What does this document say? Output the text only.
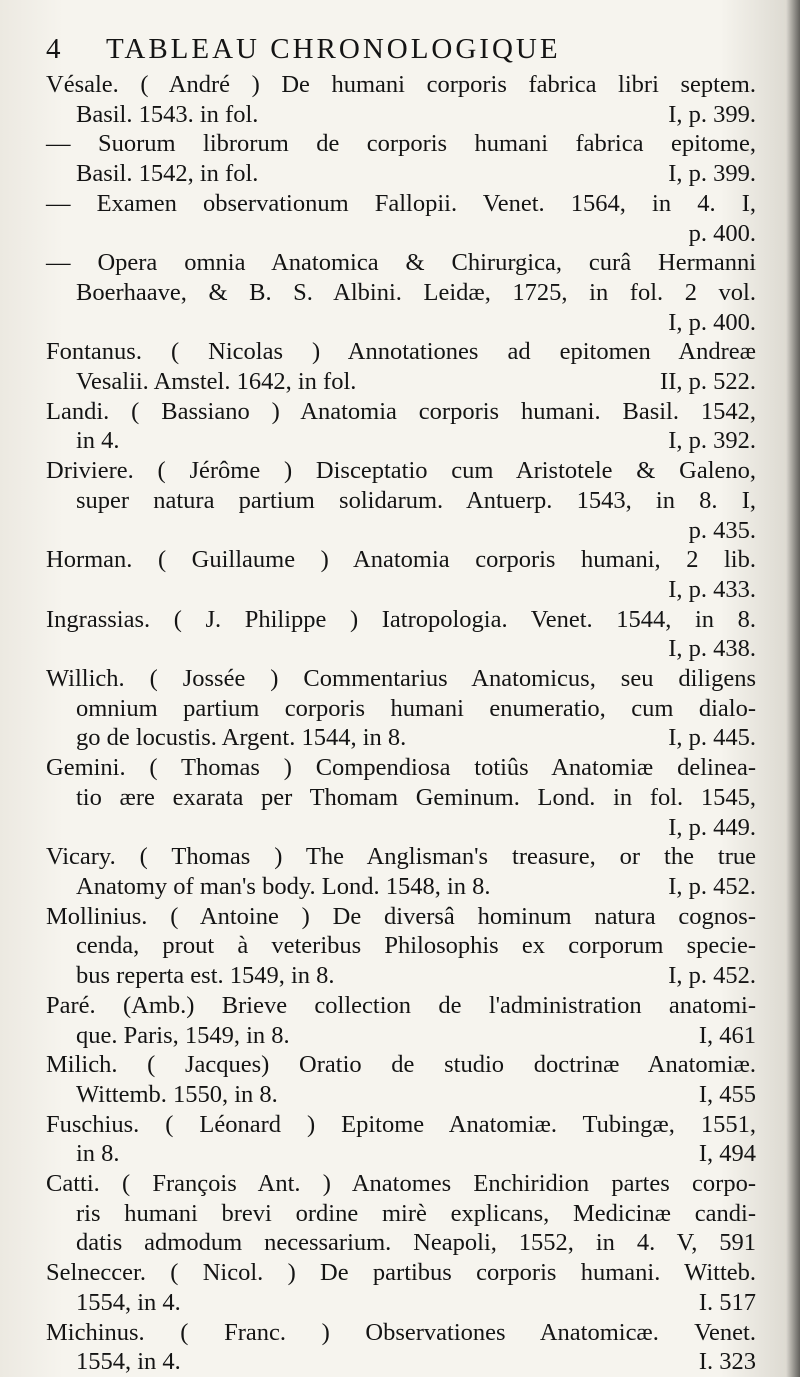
4	TABLEAU CHRONOLOGIQUE
Vésale. ( André ) De humani corporis fabrica libri septem.
Basil. 1543. in fol.	I, p. 399.
— Suorum librorum de corporis humani fabrica epitome,
Basil. 1542, in fol.	I, p. 399.
— Examen observationum Fallopii. Venet. 1564, in 4. I,
p. 400.
— Opera omnia Anatomica & Chirurgica, curâ Hermanni
Boerhaave, & B. S. Albini. Leidæ, 1725, in fol. 2 vol.
I, p. 400.
Fontanus. ( Nicolas ) Annotationes ad epitomen Andreæ
Vesalii. Amstel. 1642, in fol.	II, p. 522.
Landi. ( Bassiano ) Anatomia corporis humani. Basil. 1542,
in 4.	I, p. 392.
Driviere. ( Jérôme ) Disceptatio cum Aristotele & Galeno,
super natura partium solidarum. Antuerp. 1543, in 8. I,
p. 435.
Horman. ( Guillaume ) Anatomia corporis humani, 2 lib.
I, p. 433.
Ingrassias. ( J. Philippe ) Iatropologia. Venet. 1544, in 8.
I, p. 438.
Willich. ( Jossée ) Commentarius Anatomicus, seu diligens
omnium partium corporis humani enumeratio, cum dialo-
go de locustis. Argent. 1544, in 8.	I, p. 445.
Gemini. ( Thomas ) Compendiosa totiûs Anatomiæ delinea-
tio ære exarata per Thomam Geminum. Lond. in fol. 1545,
I, p. 449.
Vicary. ( Thomas ) The Anglisman's treasure, or the true
Anatomy of man's body. Lond. 1548, in 8.	I, p. 452.
Mollinius. ( Antoine ) De diversâ hominum natura cognos-
cenda, prout à veteribus Philosophis ex corporum specie-
bus reperta est. 1549, in 8.	I, p. 452.
Paré. (Amb.) Brieve collection de l'administration anatomi-
que. Paris, 1549, in 8.	I, 461
Milich. ( Jacques) Oratio de studio doctrinæ Anatomiæ.
Wittemb. 1550, in 8.	I, 455
Fuschius. ( Léonard ) Epitome Anatomiæ. Tubingæ, 1551,
in 8.	I, 494
Catti. ( François Ant. ) Anatomes Enchiridion partes corpo-
ris humani brevi ordine mirè explicans, Medicinæ candi-
datis admodum necessarium. Neapoli, 1552, in 4. V, 591
Selneccer. ( Nicol. ) De partibus corporis humani. Witteb.
1554, in 4.	I. 517
Michinus. ( Franc. ) Observationes Anatomicæ. Venet.
1554, in 4.	I. 323
